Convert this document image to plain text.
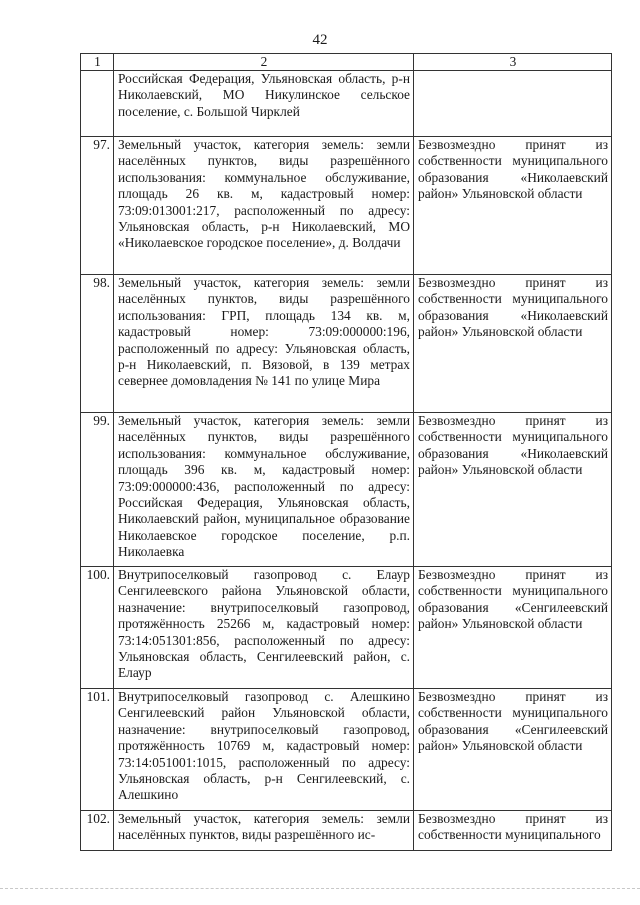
42
1	2	3
	Российская Федерация, Ульяновская область, р-н Николаевский, МО Никулинское сельское поселение, с. Большой Чирклей	
97.	Земельный участок, категория земель: земли населённых пунктов, виды разрешённого использования: коммунальное обслуживание, площадь 26 кв. м, кадастровый номер: 73:09:013001:217, расположенный по адресу: Ульяновская область, р-н Николаевский, МО «Николаевское городское поселение», д. Волдачи	Безвозмездно принят из собственности муниципального образования «Николаевский район» Ульяновской области
98.	Земельный участок, категория земель: земли населённых пунктов, виды разрешённого использования: ГРП, площадь 134 кв. м, кадастровый номер: 73:09:000000:196, расположенный по адресу: Ульяновская область, р-н Николаевский, п. Вязовой, в 139 метрах севернее домовладения № 141 по улице Мира	Безвозмездно принят из собственности муниципального образования «Николаевский район» Ульяновской области
99.	Земельный участок, категория земель: земли населённых пунктов, виды разрешённого использования: коммунальное обслуживание, площадь 396 кв. м, кадастровый номер: 73:09:000000:436, расположенный по адресу: Российская Федерация, Ульяновская область, Николаевский район, муниципальное образование Николаевское городское поселение, р.п. Николаевка	Безвозмездно принят из собственности муниципального образования «Николаевский район» Ульяновской области
100.	Внутрипоселковый газопровод с. Елаур Сенгилеевского района Ульяновской области, назначение: внутрипоселковый газопровод, протяжённость 25266 м, кадастровый номер: 73:14:051301:856, расположенный по адресу: Ульяновская область, Сенгилеевский район, с. Елаур	Безвозмездно принят из собственности муниципального образования «Сенгилеевский район» Ульяновской области
101.	Внутрипоселковый газопровод с. Алешкино Сенгилеевский район Ульяновской области, назначение: внутрипоселковый газопровод, протяжённость 10769 м, кадастровый номер: 73:14:051001:1015, расположенный по адресу: Ульяновская область, р-н Сенгилеевский, с. Алешкино	Безвозмездно принят из собственности муниципального образования «Сенгилеевский район» Ульяновской области
102.	Земельный участок, категория земель: земли населённых пунктов, виды разрешённого ис-	Безвозмездно принят из собственности муниципального
